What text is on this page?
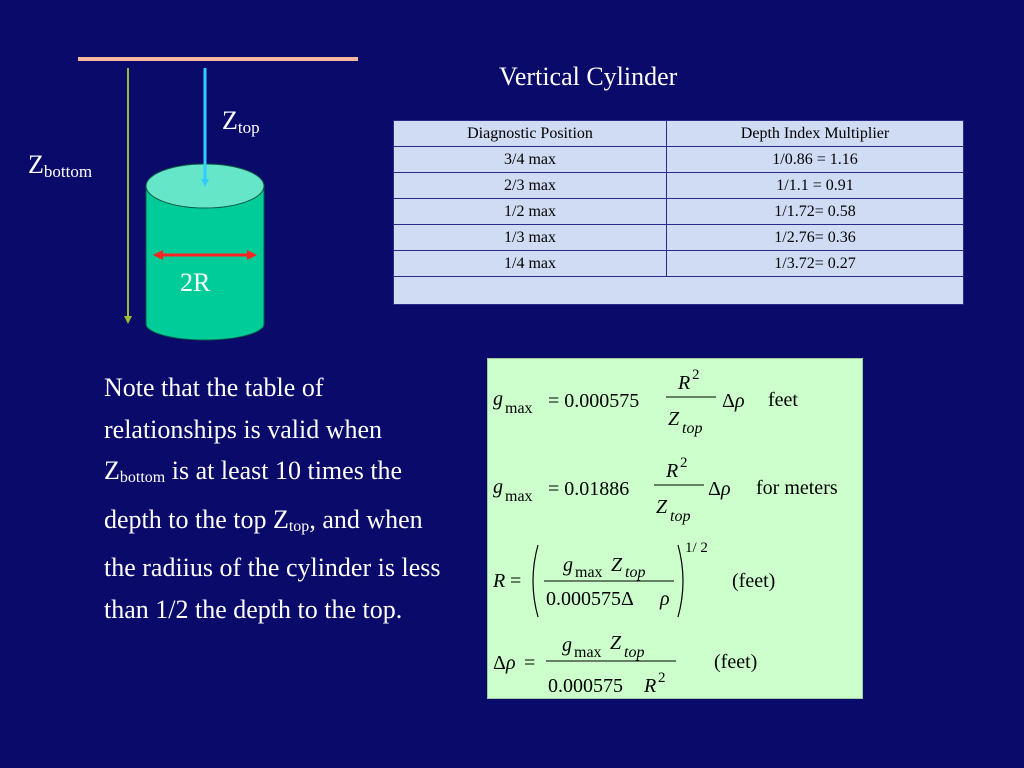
$Z_{top}$
$Z_{bottom}$
2R
Vertical Cylinder
Diagnostic Position	Depth Index Multiplier
3/4 max	1/0.86 = 1.16
2/3 max	1/1.1 = 0.91
1/2 max	1/1.72= 0.58
1/3 max	1/2.76= 0.36
1/4 max	1/3.72= 0.27

Note that the table of relationships is valid when $Z_{bottom}$ is at least 10 times the depth to the top $Z_{top}$, and when the radiius of the cylinder is less than 1/2 the depth to the top.
g max = 0.000575
R 2
Z top
Δ ρ feet
g max = 0.01886
R 2
Z top
Δ ρ for meters
R =
g max Z top
0.000575Δ ρ
1/ 2
(feet)
Δ ρ =
g max Z top
0.000575 R 2
(feet)
